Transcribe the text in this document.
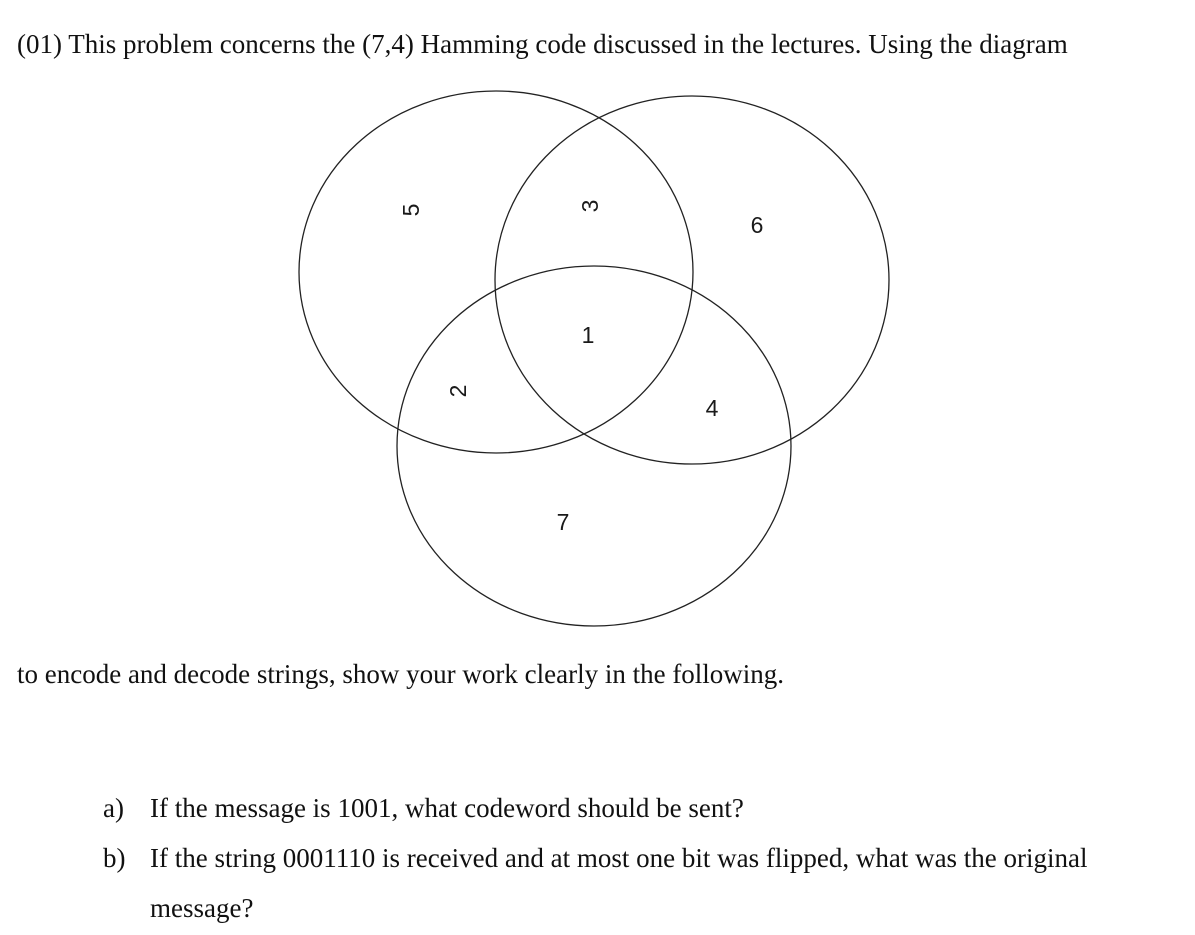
(01) This problem concerns the (7,4) Hamming code discussed in the lectures. Using the diagram
5	3
6
1
2
4
7
to encode and decode strings, show your work clearly in the following.
a) If the message is 1001, what codeword should be sent?
b) If the string 0001110 is received and at most one bit was flipped, what was the original message?
